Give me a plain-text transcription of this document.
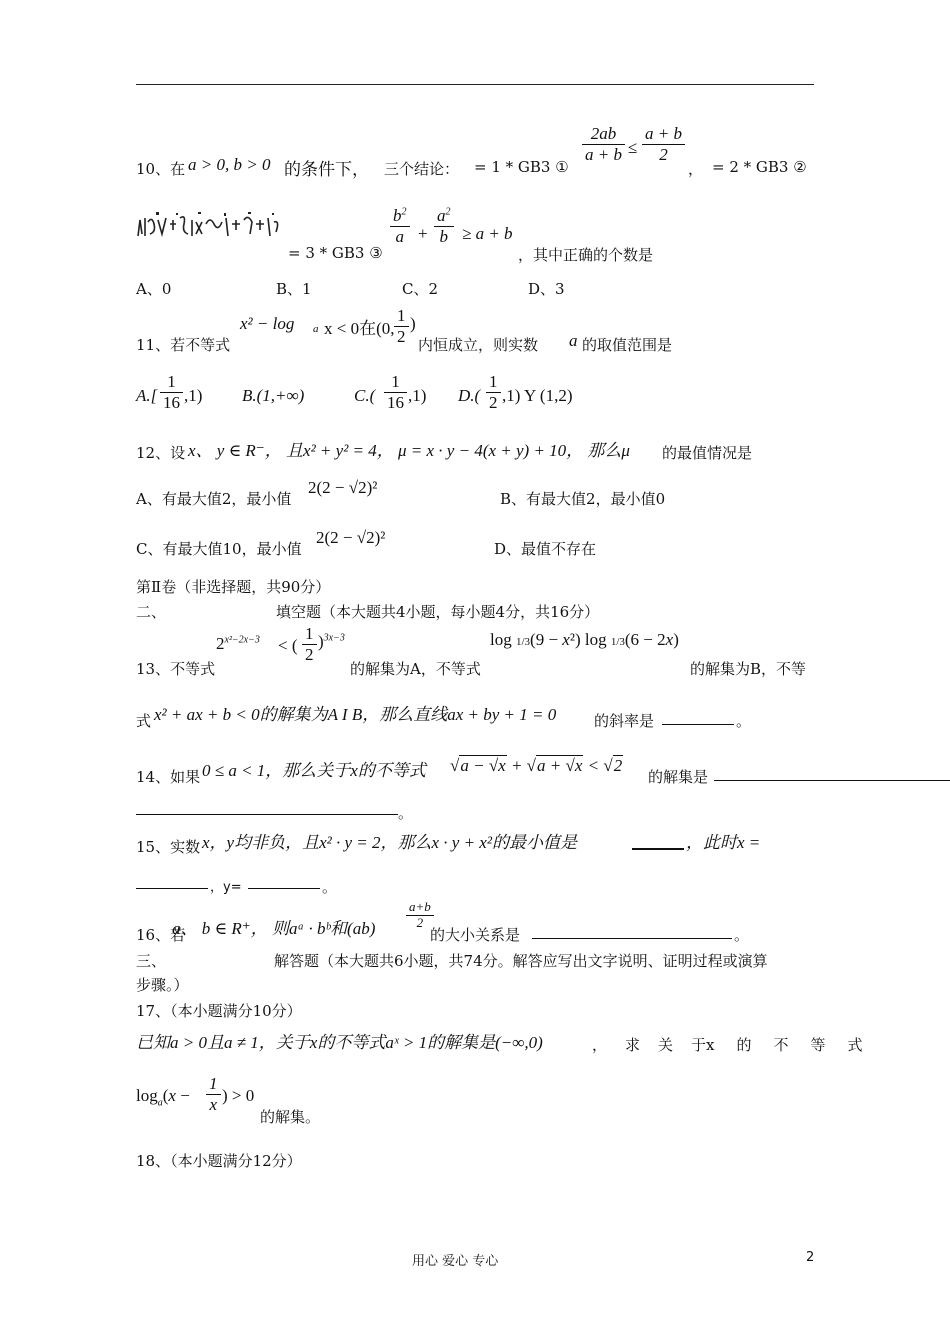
10、在 a > 0, b > 0 的条件下， 三个结论： = 1 * GB3 ①
2ab
a + b ≤
a + b
2
， = 2 * GB3 ②
= 3 * GB3 ③
$b^2$
a +
$a^2$
b ≥ a + b
，其中正确的个数是
A、0	B、1	C、2	D、3
11、若不等式
x² − log a x < 0在(0,
1
2
)
内恒成立，则实数 a 的取值范围是
A.[
1
16 ,1) B.(1,+∞)	C.(
1
16 ,1) D.(
1
2 ,1) Y (1,2)
12、设 x、 y ∈ R⁻， 且x² + y² = 4， μ = x · y − 4(x + y) + 10， 那么μ 的最值情况是
A、有最大值2，最小值
2(2 − √2)²
B、有最大值2，最小值0
C、有最大值10，最小值
2(2 − √2)²
D、最值不存在
第Ⅱ卷（非选择题，共90分）
二、	填空题（本大题共4小题，每小题4分，共16分）
13、不等式
$2^{x^2-2x-3}$ < (
1
2
)$^{3x-3}$
的解集为A，不等式
log 1/3(9 − x²) log 1/3(6 − 2x)
的解集为B，不等
式 x² + ax + b < 0的解集为A I B，那么直线ax + by + 1 = 0	的斜率是	。
14、如果 0 ≤ a < 1，那么关于x的不等式 √a − √x + √a + √x < √2
的解集是
。
15、实数 x，y均非负，且x² · y = 2，那么x · y + x²的最小值是	，此时x =
，y=	。
16、若
a、 b ∈ R⁺， 则aᵃ · bᵇ和(ab)
a+b
2
的大小关系是	。
三、	解答题（本大题共6小题，共74分。解答应写出文字说明、证明过程或演算
步骤。）
17、（本小题满分10分）
已知a > 0且a ≠ 1，关于x的不等式aˣ > 1的解集是(−∞,0)	，求关于
x的不等式
$\log_a(x$ −
1
x ) > 0
的解集。
18、（本小题满分12分）
用心 爱心 专心	2
